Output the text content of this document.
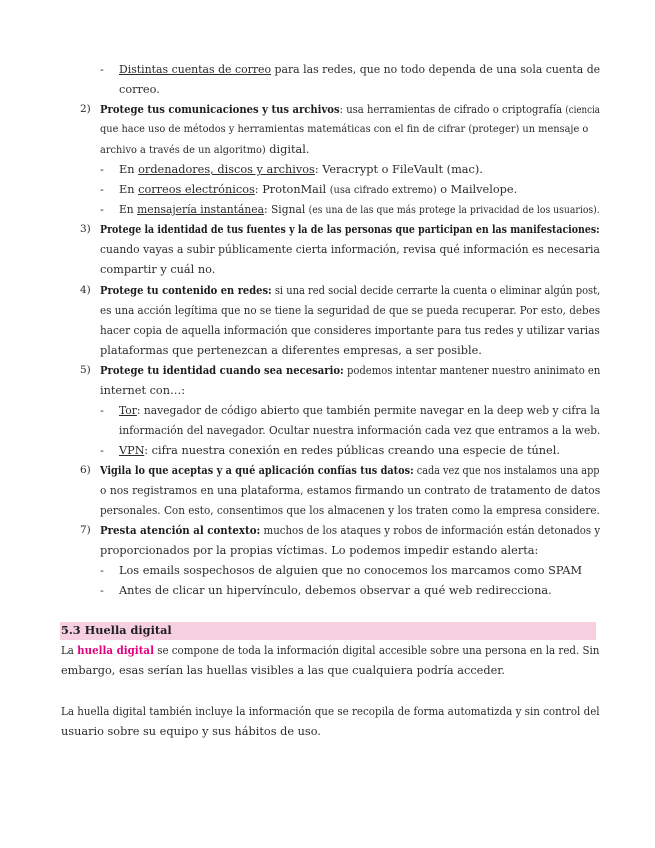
- Distintas cuentas de correo para las redes, que no todo dependa de una sola cuenta de
correo.
2) Protege tus comunicaciones y tus archivos: usa herramientas de cifrado o criptografía (ciencia
que hace uso de métodos y herramientas matemáticas con el fin de cifrar (proteger) un mensaje o
archivo a través de un algoritmo) digital.
- En ordenadores, discos y archivos: Veracrypt o FileVault (mac).
- En correos electrónicos: ProtonMail (usa cifrado extremo) o Mailvelope.
- En mensajería instantánea: Signal (es una de las que más protege la privacidad de los usuarios).
3) Protege la identidad de tus fuentes y la de las personas que participan en las manifestaciones:
cuando vayas a subir públicamente cierta información, revisa qué información es necesaria
compartir y cuál no.
4) Protege tu contenido en redes: si una red social decide cerrarte la cuenta o eliminar algún post,
es una acción legítima que no se tiene la seguridad de que se pueda recuperar. Por esto, debes
hacer copia de aquella información que consideres importante para tus redes y utilizar varias
plataformas que pertenezcan a diferentes empresas, a ser posible.
5) Protege tu identidad cuando sea necesario: podemos intentar mantener nuestro aninimato en
internet con…:
- Tor: navegador de código abierto que también permite navegar en la deep web y cifra la
información del navegador. Ocultar nuestra información cada vez que entramos a la web.
- VPN: cifra nuestra conexión en redes públicas creando una especie de túnel.
6) Vigila lo que aceptas y a qué aplicación confías tus datos: cada vez que nos instalamos una app
o nos registramos en una plataforma, estamos firmando un contrato de tratamento de datos
personales. Con esto, consentimos que los almacenen y los traten como la empresa considere.
7) Presta atención al contexto: muchos de los ataques y robos de información están detonados y
proporcionados por la propias víctimas. Lo podemos impedir estando alerta:
- Los emails sospechosos de alguien que no conocemos los marcamos como SPAM
- Antes de clicar un hipervínculo, debemos observar a qué web redirecciona.
5.3 Huella digital
La huella digital se compone de toda la información digital accesible sobre una persona en la red. Sin
embargo, esas serían las huellas visibles a las que cualquiera podría acceder.
La huella digital también incluye la información que se recopila de forma automatizda y sin control del
usuario sobre su equipo y sus hábitos de uso.
